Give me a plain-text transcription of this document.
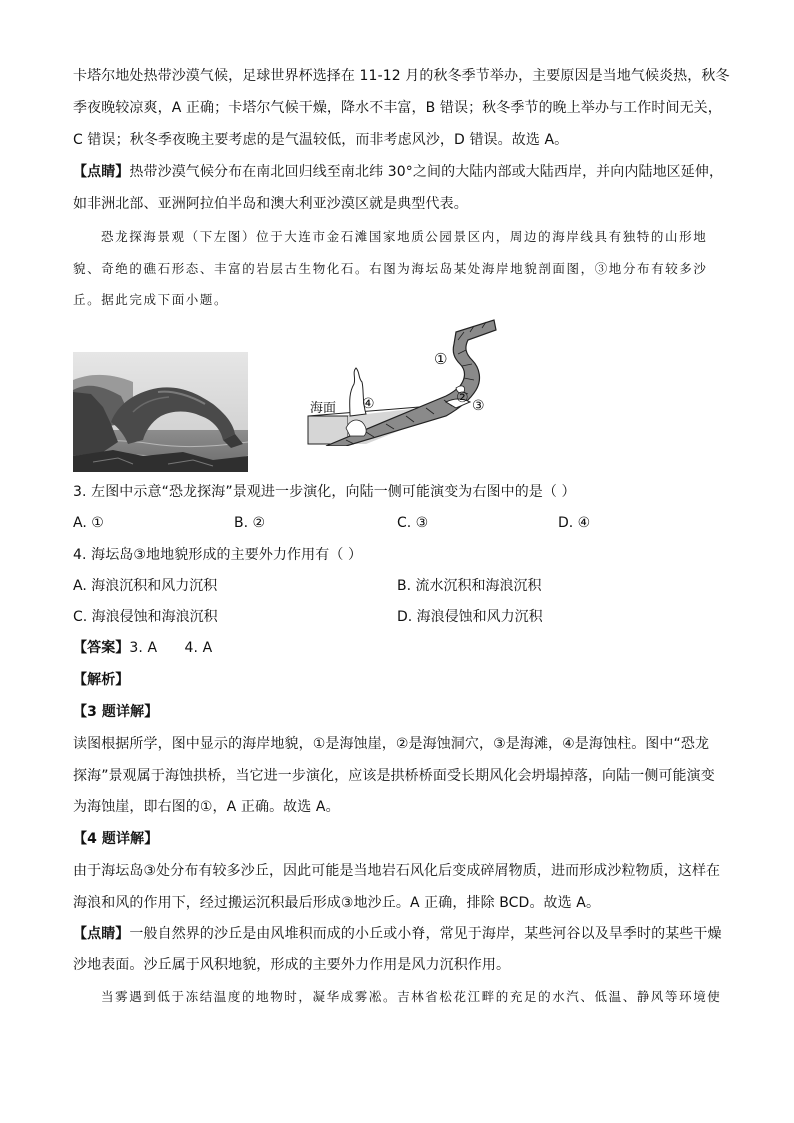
卡塔尔地处热带沙漠气候，足球世界杯选择在 11-12 月的秋冬季节举办，主要原因是当地气候炎热，秋冬
季夜晚较凉爽，A 正确；卡塔尔气候干燥，降水不丰富，B 错误；秋冬季节的晚上举办与工作时间无关，
C 错误；秋冬季夜晚主要考虑的是气温较低，而非考虑风沙，D 错误。故选 A。
【点睛】热带沙漠气候分布在南北回归线至南北纬 30°之间的大陆内部或大陆西岸，并向内陆地区延伸，
如非洲北部、亚洲阿拉伯半岛和澳大利亚沙漠区就是典型代表。
恐龙探海景观（下左图）位于大连市金石滩国家地质公园景区内，周边的海岸线具有独特的山形地
貌、奇绝的礁石形态、丰富的岩层古生物化石。右图为海坛岛某处海岸地貌剖面图，③地分布有较多沙
丘。据此完成下面小题。
海面
①
② ③
④
3. 左图中示意“恐龙探海”景观进一步演化，向陆一侧可能演变为右图中的是（ ）
A. ①	B. ②	C. ③	D. ④
4. 海坛岛③地地貌形成的主要外力作用有（ ）
A. 海浪沉积和风力沉积	B. 流水沉积和海浪沉积
C. 海浪侵蚀和海浪沉积	D. 海浪侵蚀和风力沉积
【答案】3. A      4. A
【解析】
【3 题详解】
读图根据所学，图中显示的海岸地貌，①是海蚀崖，②是海蚀洞穴，③是海滩，④是海蚀柱。图中“恐龙
探海”景观属于海蚀拱桥，当它进一步演化，应该是拱桥桥面受长期风化会坍塌掉落，向陆一侧可能演变
为海蚀崖，即右图的①，A 正确。故选 A。
【4 题详解】
由于海坛岛③处分布有较多沙丘，因此可能是当地岩石风化后变成碎屑物质，进而形成沙粒物质，这样在
海浪和风的作用下，经过搬运沉积最后形成③地沙丘。A 正确，排除 BCD。故选 A。
【点睛】一般自然界的沙丘是由风堆积而成的小丘或小脊，常见于海岸，某些河谷以及旱季时的某些干燥
沙地表面。沙丘属于风积地貌，形成的主要外力作用是风力沉积作用。
当雾遇到低于冻结温度的地物时，凝华成雾凇。吉林省松花江畔的充足的水汽、低温、静风等环境使
